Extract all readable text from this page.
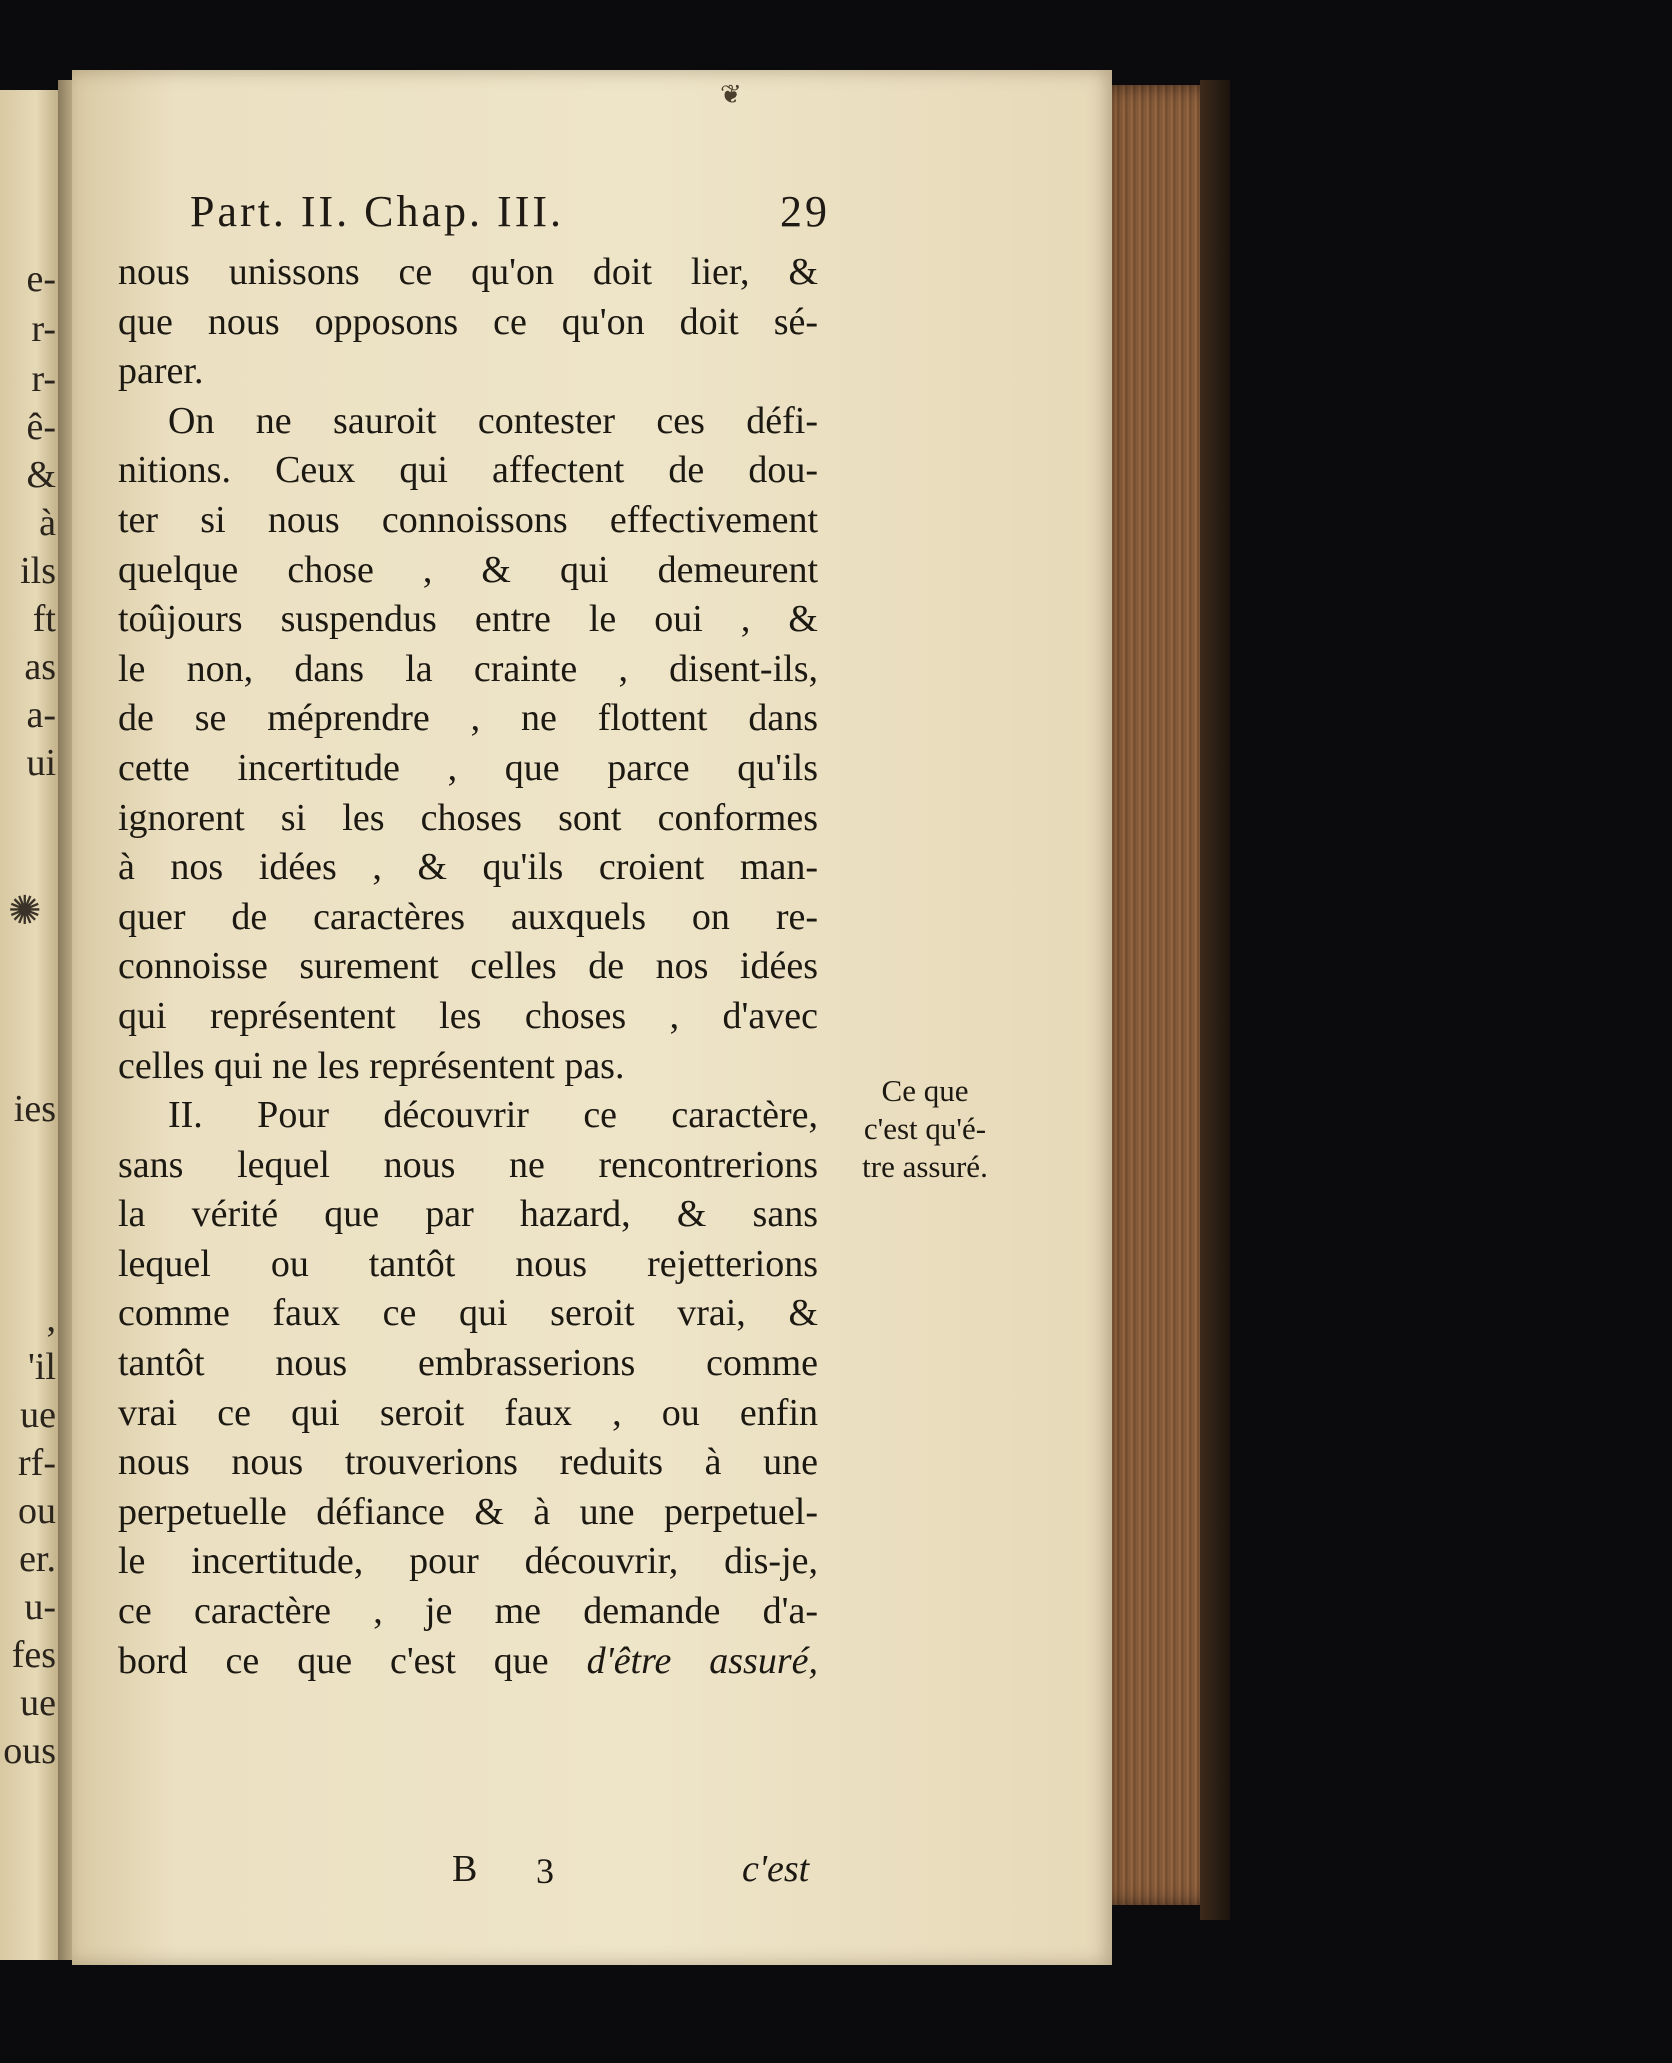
✺
e-
r-
r-
ê-
&
à
ils
ft
as
a-
ui
ies
,
'il
ue
rf-
ou
er.
u-
fes
ue
ous
❦
Part. II. Chap. III.	29
nous unissons ce qu'on doit lier, &
que nous opposons ce qu'on doit sé-
parer.
On ne sauroit contester ces défi-
nitions. Ceux qui affectent de dou-
ter si nous connoissons effectivement
quelque chose , & qui demeurent
toûjours suspendus entre le oui , &
le non, dans la crainte , disent-ils,
de se méprendre , ne flottent dans
cette incertitude , que parce qu'ils
ignorent si les choses sont conformes
à nos idées , & qu'ils croient man-
quer de caractères auxquels on re-
connoisse surement celles de nos idées
qui représentent les choses , d'avec
celles qui ne les représentent pas.
II. Pour découvrir ce caractère,
sans lequel nous ne rencontrerions
la vérité que par hazard, & sans
lequel ou tantôt nous rejetterions
comme faux ce qui seroit vrai, &
tantôt nous embrasserions comme
vrai ce qui seroit faux , ou enfin
nous nous trouverions reduits à une
perpetuelle défiance & à une perpetuel-
le incertitude, pour découvrir, dis-je,
ce caractère , je me demande d'a-
bord ce que c'est que d'être assuré,
Ce que
c'est qu'é-
tre assuré.
B 3	c'est
